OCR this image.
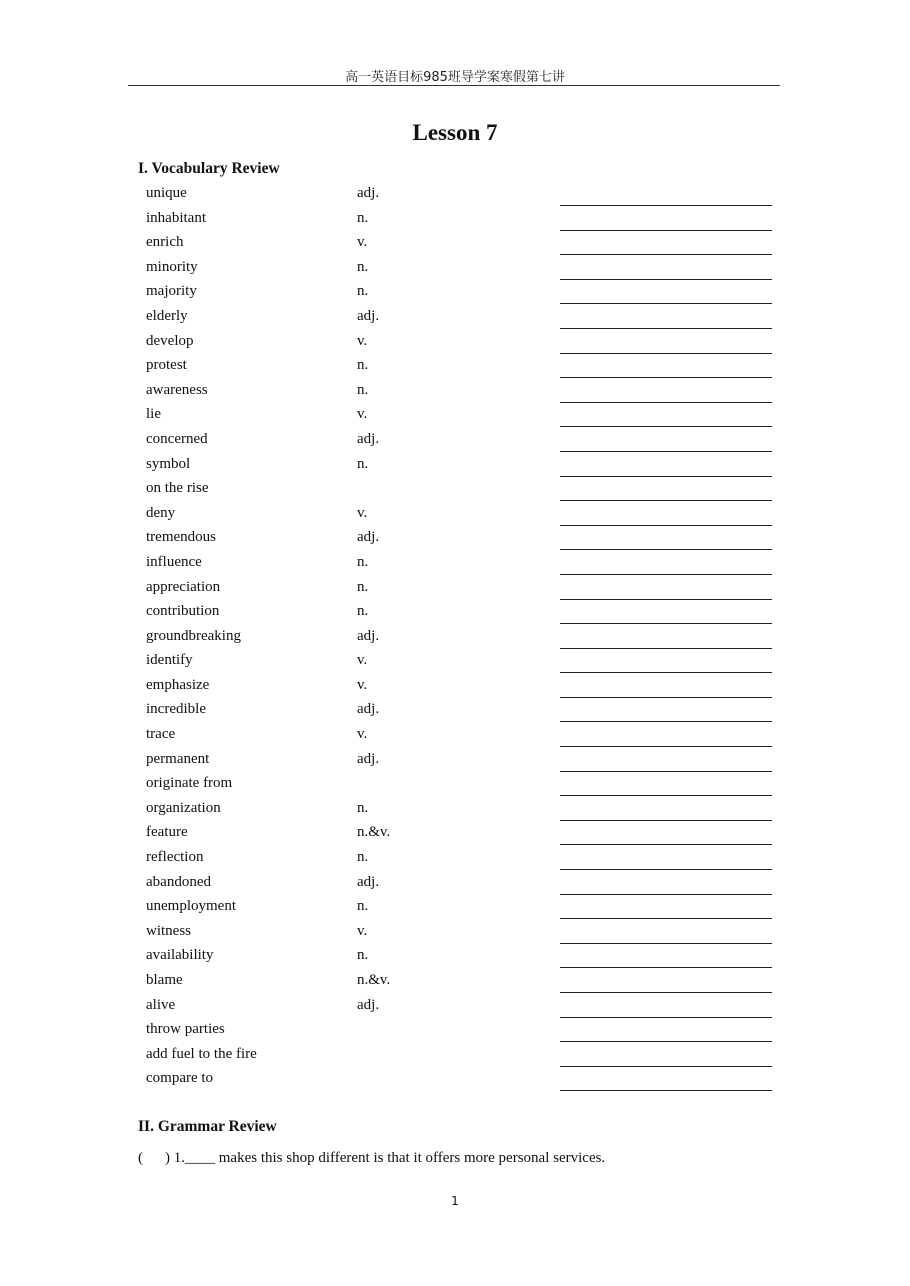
高一英语目标985班导学案寒假第七讲
Lesson 7
I. Vocabulary Review
unique	adj.
inhabitant	n.
enrich	v.
minority	n.
majority	n.
elderly	adj.
develop	v.
protest	n.
awareness	n.
lie	v.
concerned	adj.
symbol	n.
on the rise
deny	v.
tremendous	adj.
influence	n.
appreciation	n.
contribution	n.
groundbreaking	adj.
identify	v.
emphasize	v.
incredible	adj.
trace	v.
permanent	adj.
originate from
organization	n.
feature	n.&v.
reflection	n.
abandoned	adj.
unemployment	n.
witness	v.
availability	n.
blame	n.&v.
alive	adj.
throw parties
add fuel to the fire
compare to
II. Grammar Review
( ) 1.____ makes this shop different is that it offers more personal services.
1
